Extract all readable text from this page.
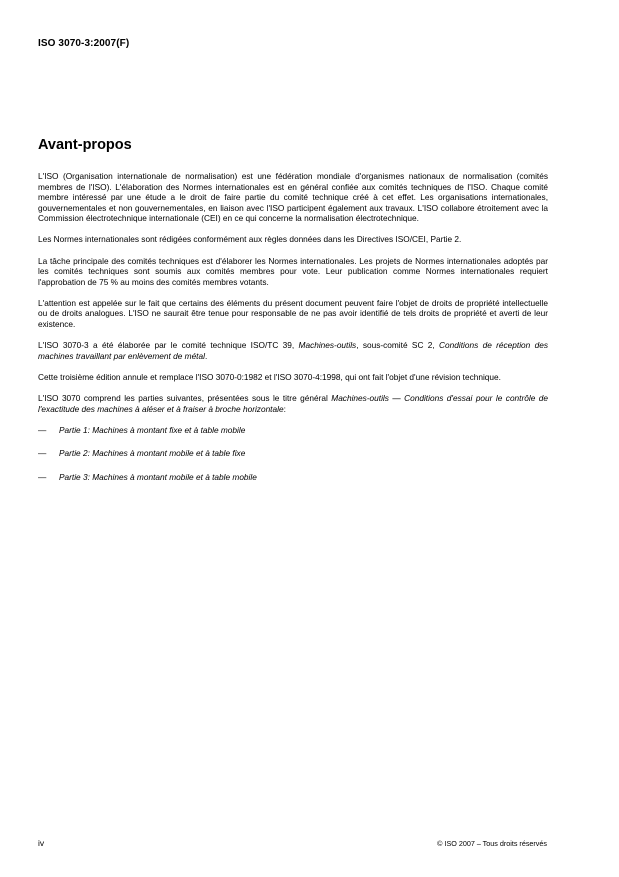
ISO 3070-3:2007(F)
Avant-propos

L'ISO (Organisation internationale de normalisation) est une fédération mondiale d'organismes nationaux de normalisation (comités membres de l'ISO). L'élaboration des Normes internationales est en général confiée aux comités techniques de l'ISO. Chaque comité membre intéressé par une étude a le droit de faire partie du comité technique créé à cet effet. Les organisations internationales, gouvernementales et non gouvernementales, en liaison avec l'ISO participent également aux travaux. L'ISO collabore étroitement avec la Commission électrotechnique internationale (CEI) en ce qui concerne la normalisation électrotechnique.

Les Normes internationales sont rédigées conformément aux règles données dans les Directives ISO/CEI, Partie 2.

La tâche principale des comités techniques est d'élaborer les Normes internationales. Les projets de Normes internationales adoptés par les comités techniques sont soumis aux comités membres pour vote. Leur publication comme Normes internationales requiert l'approbation de 75 % au moins des comités membres votants.

L'attention est appelée sur le fait que certains des éléments du présent document peuvent faire l'objet de droits de propriété intellectuelle ou de droits analogues. L'ISO ne saurait être tenue pour responsable de ne pas avoir identifié de tels droits de propriété et averti de leur existence.

L'ISO 3070-3 a été élaborée par le comité technique ISO/TC 39, Machines-outils, sous-comité SC 2, Conditions de réception des machines travaillant par enlèvement de métal.

Cette troisième édition annule et remplace l'ISO 3070-0:1982 et l'ISO 3070-4:1998, qui ont fait l'objet d'une révision technique.

L'ISO 3070 comprend les parties suivantes, présentées sous le titre général Machines-outils — Conditions d'essai pour le contrôle de l'exactitude des machines à aléser et à fraiser à broche horizontale:

— Partie 1: Machines à montant fixe et à table mobile
— Partie 2: Machines à montant mobile et à table fixe
— Partie 3: Machines à montant mobile et à table mobile
iv	© ISO 2007 – Tous droits réservés
